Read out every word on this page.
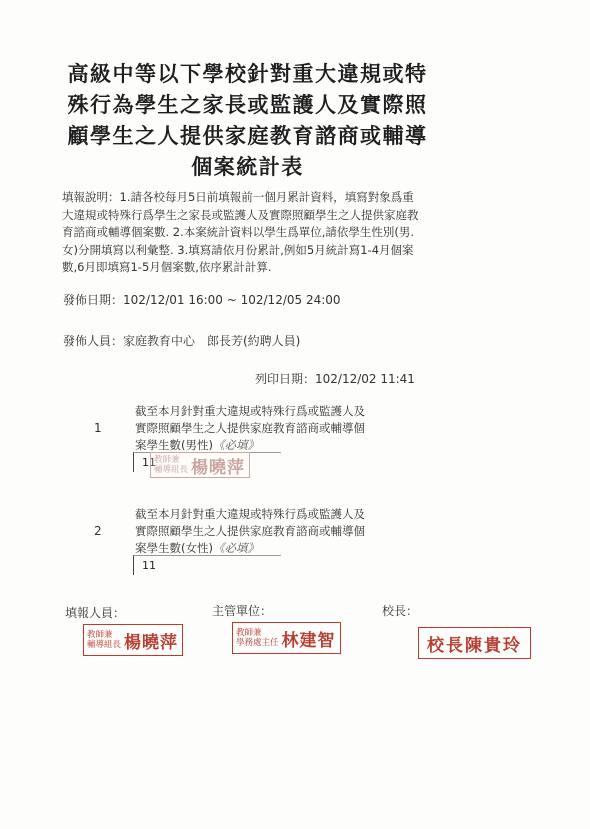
高級中等以下學校針對重大違規或特殊行為學生之家長或監護人及實際照顧學生之人提供家庭教育諮商或輔導個案統計表
填報說明：1.請各校每月5日前填報前一個月累計資料，填寫對象爲重大違規或特殊行爲學生之家長或監護人及實際照顧學生之人提供家庭教育諮商或輔導個案數. 2.本案統計資料以學生爲單位,請依學生性別(男.女)分開填寫以利彙整. 3.填寫請依月份累計,例如5月統計寫1-4月個案數,6月即填寫1-5月個案數,依序累計計算.
發佈日期：102/12/01 16:00 ~ 102/12/05 24:00
發佈人員：家庭教育中心　郎長芳(約聘人員)
列印日期：102/12/02 11:41
1
截至本月針對重大違規或特殊行爲或監護人及實際照顧學生之人提供家庭教育諮商或輔導個案學生數(男性)《必填》
11
教師兼
輔導組長 楊曉萍
2
截至本月針對重大違規或特殊行爲或監護人及實際照顧學生之人提供家庭教育諮商或輔導個案學生數(女性)《必填》
11
填報人員：	主管單位：	校長：
教師兼
輔導組長 楊曉萍	教師兼
學務處主任 林建智	校長陳貴玲
